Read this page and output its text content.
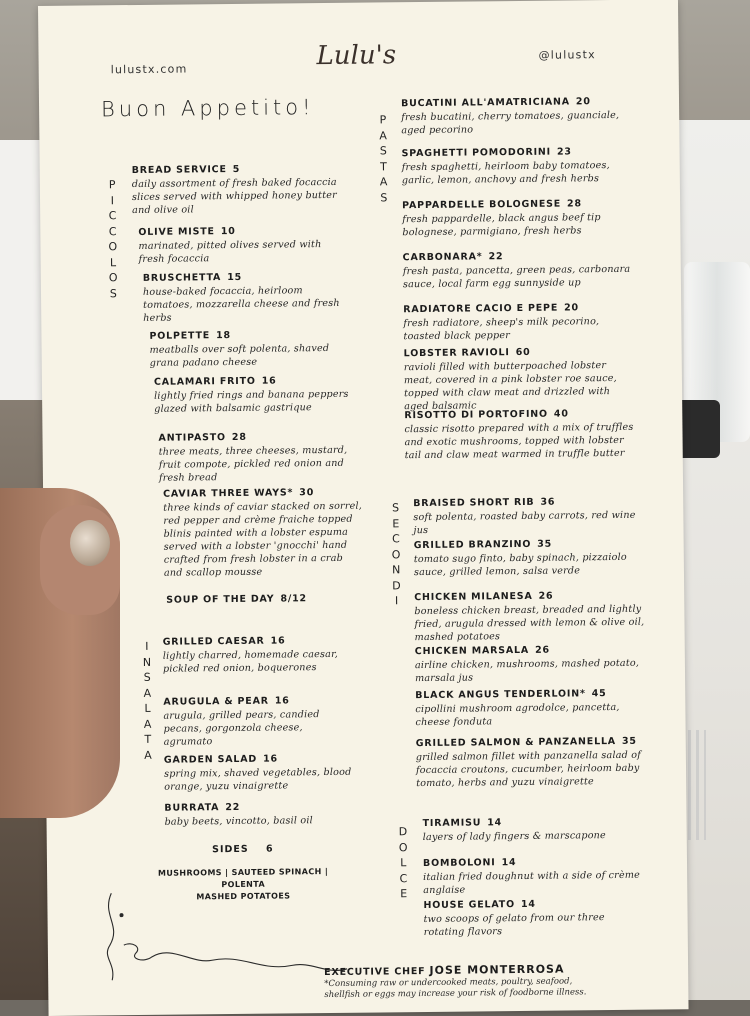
lulustx.com	Lulu's	@lulustx
Buon Appetito!
P
I
C
C
O
L
O
S
P
A
S
T
A
S
S
E
C
O
N
D
I
I
N
S
A
L
A
T
A
D
O
L
C
E
BREAD SERVICE 5
daily assortment of fresh baked focaccia slices served with whipped honey butter and olive oil
OLIVE MISTE 10
marinated, pitted olives served with fresh focaccia
BRUSCHETTA 15
house-baked focaccia, heirloom tomatoes, mozzarella cheese and fresh herbs
POLPETTE 18
meatballs over soft polenta, shaved grana padano cheese
CALAMARI FRITO 16
lightly fried rings and banana peppers glazed with balsamic gastrique
ANTIPASTO 28
three meats, three cheeses, mustard, fruit compote, pickled red onion and fresh bread
CAVIAR THREE WAYS* 30
three kinds of caviar stacked on sorrel, red pepper and crème fraiche topped blinis painted with a lobster espuma served with a lobster 'gnocchi' hand crafted from fresh lobster in a crab and scallop mousse
SOUP OF THE DAY 8/12
GRILLED CAESAR 16
lightly charred, homemade caesar, pickled red onion, boquerones
ARUGULA & PEAR 16
arugula, grilled pears, candied pecans, gorgonzola cheese, agrumato
GARDEN SALAD 16
spring mix, shaved vegetables, blood orange, yuzu vinaigrette
BURRATA 22
baby beets, vincotto, basil oil
BUCATINI ALL'AMATRICIANA 20
fresh bucatini, cherry tomatoes, guanciale, aged pecorino
SPAGHETTI POMODORINI 23
fresh spaghetti, heirloom baby tomatoes, garlic, lemon, anchovy and fresh herbs
PAPPARDELLE BOLOGNESE 28
fresh pappardelle, black angus beef tip bolognese, parmigiano, fresh herbs
CARBONARA* 22
fresh pasta, pancetta, green peas, carbonara sauce, local farm egg sunnyside up
RADIATORE CACIO E PEPE 20
fresh radiatore, sheep's milk pecorino, toasted black pepper
LOBSTER RAVIOLI 60
ravioli filled with butterpoached lobster meat, covered in a pink lobster roe sauce, topped with claw meat and drizzled with aged balsamic
RISOTTO DI PORTOFINO 40
classic risotto prepared with a mix of truffles and exotic mushrooms, topped with lobster tail and claw meat warmed in truffle butter
BRAISED SHORT RIB 36
soft polenta, roasted baby carrots, red wine jus
GRILLED BRANZINO 35
tomato sugo finto, baby spinach, pizzaiolo sauce, grilled lemon, salsa verde
CHICKEN MILANESA 26
boneless chicken breast, breaded and lightly fried, arugula dressed with lemon & olive oil, mashed potatoes
CHICKEN MARSALA 26
airline chicken, mushrooms, mashed potato, marsala jus
BLACK ANGUS TENDERLOIN* 45
cipollini mushroom agrodolce, pancetta, cheese fonduta
GRILLED SALMON & PANZANELLA 35
grilled salmon fillet with panzanella salad of focaccia croutons, cucumber, heirloom baby tomato, herbs and yuzu vinaigrette
TIRAMISU 14
layers of lady fingers & marscapone
BOMBOLONI 14
italian fried doughnut with a side of crème anglaise
HOUSE GELATO 14
two scoops of gelato from our three rotating flavors
SIDES 6
MUSHROOMS | SAUTEED SPINACH | POLENTA
MASHED POTATOES
EXECUTIVE CHEF JOSE MONTERROSA
*Consuming raw or undercooked meats, poultry, seafood, shellfish or eggs may increase your risk of foodborne illness.
